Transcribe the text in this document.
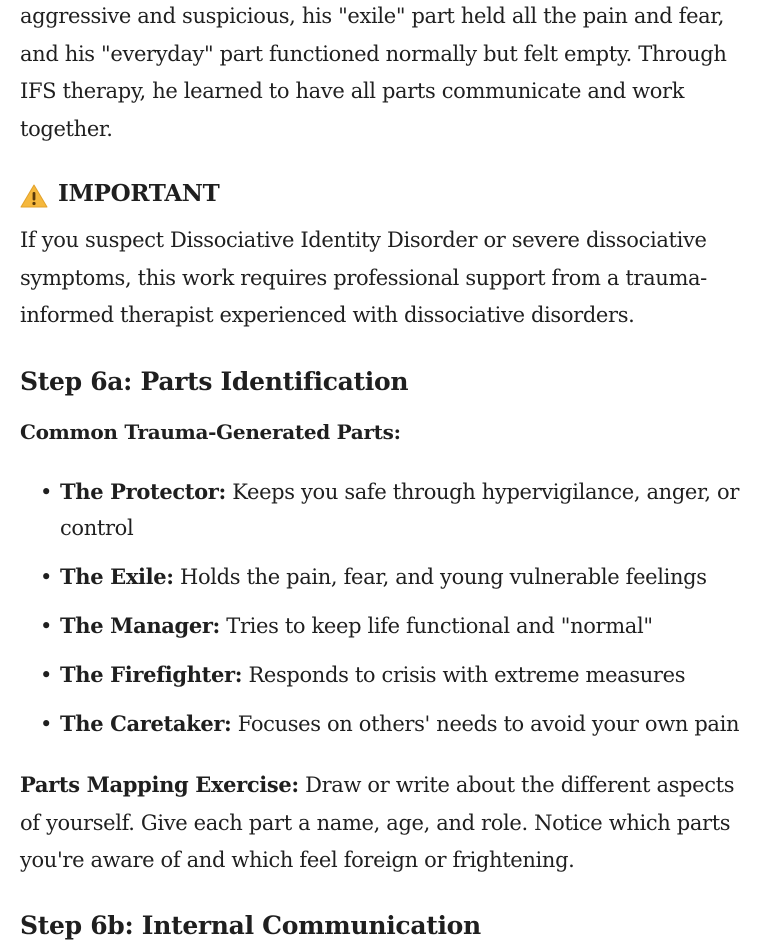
aggressive and suspicious, his "exile" part held all the pain and fear, and his "everyday" part functioned normally but felt empty. Through IFS therapy, he learned to have all parts communicate and work together.

IMPORTANT

If you suspect Dissociative Identity Disorder or severe dissociative symptoms, this work requires professional support from a trauma-informed therapist experienced with dissociative disorders.

Step 6a: Parts Identification
Common Trauma-Generated Parts:
• The Protector: Keeps you safe through hypervigilance, anger, or control
• The Exile: Holds the pain, fear, and young vulnerable feelings
• The Manager: Tries to keep life functional and "normal"
• The Firefighter: Responds to crisis with extreme measures
• The Caretaker: Focuses on others' needs to avoid your own pain

Parts Mapping Exercise: Draw or write about the different aspects of yourself. Give each part a name, age, and role. Notice which parts you're aware of and which feel foreign or frightening.

Step 6b: Internal Communication
